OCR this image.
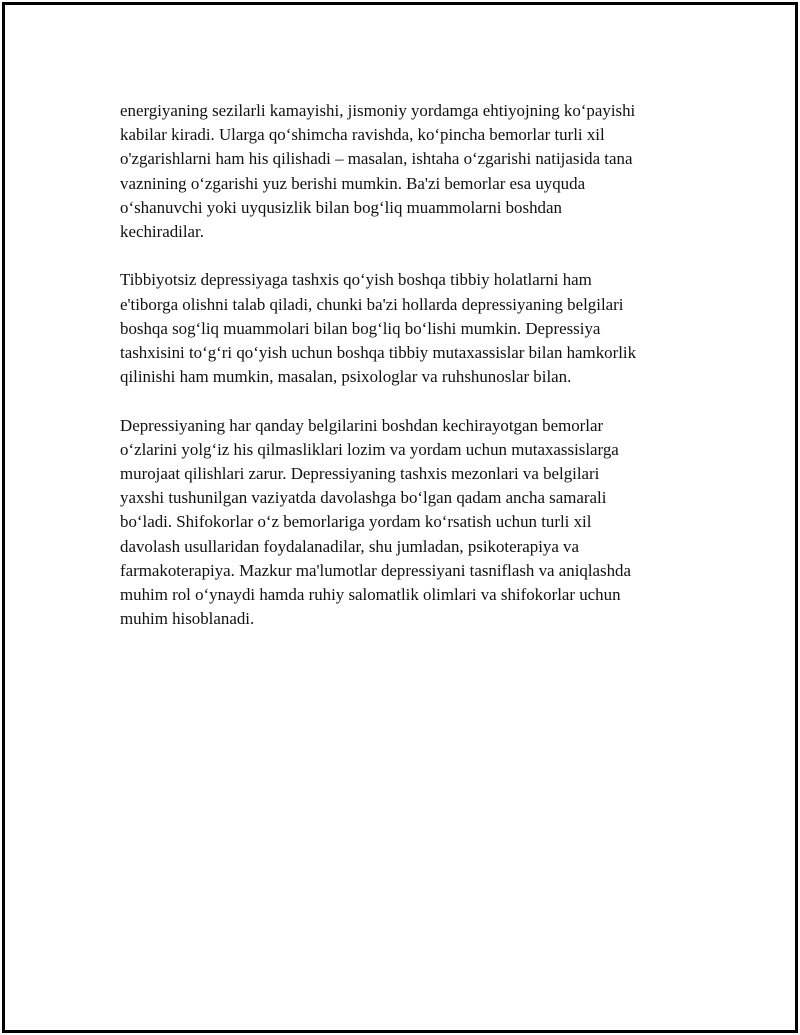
energiyaning sezilarli kamayishi, jismoniy yordamga ehtiyojning ko‘payishi
kabilar kiradi. Ularga qo‘shimcha ravishda, ko‘pincha bemorlar turli xil
o'zgarishlarni ham his qilishadi – masalan, ishtaha o‘zgarishi natijasida tana
vaznining o‘zgarishi yuz berishi mumkin. Ba'zi bemorlar esa uyquda
o‘shanuvchi yoki uyqusizlik bilan bog‘liq muammolarni boshdan
kechiradilar.

Tibbiyotsiz depressiyaga tashxis qo‘yish boshqa tibbiy holatlarni ham
e'tiborga olishni talab qiladi, chunki ba'zi hollarda depressiyaning belgilari
boshqa sog‘liq muammolari bilan bog‘liq bo‘lishi mumkin. Depressiya
tashxisini to‘g‘ri qo‘yish uchun boshqa tibbiy mutaxassislar bilan hamkorlik
qilinishi ham mumkin, masalan, psixologlar va ruhshunoslar bilan.

Depressiyaning har qanday belgilarini boshdan kechirayotgan bemorlar
o‘zlarini yolg‘iz his qilmasliklari lozim va yordam uchun mutaxassislarga
murojaat qilishlari zarur. Depressiyaning tashxis mezonlari va belgilari
yaxshi tushunilgan vaziyatda davolashga bo‘lgan qadam ancha samarali
bo‘ladi. Shifokorlar o‘z bemorlariga yordam ko‘rsatish uchun turli xil
davolash usullaridan foydalanadilar, shu jumladan, psikoterapiya va
farmakoterapiya. Mazkur ma'lumotlar depressiyani tasniflash va aniqlashda
muhim rol o‘ynaydi hamda ruhiy salomatlik olimlari va shifokorlar uchun
muhim hisoblanadi.
